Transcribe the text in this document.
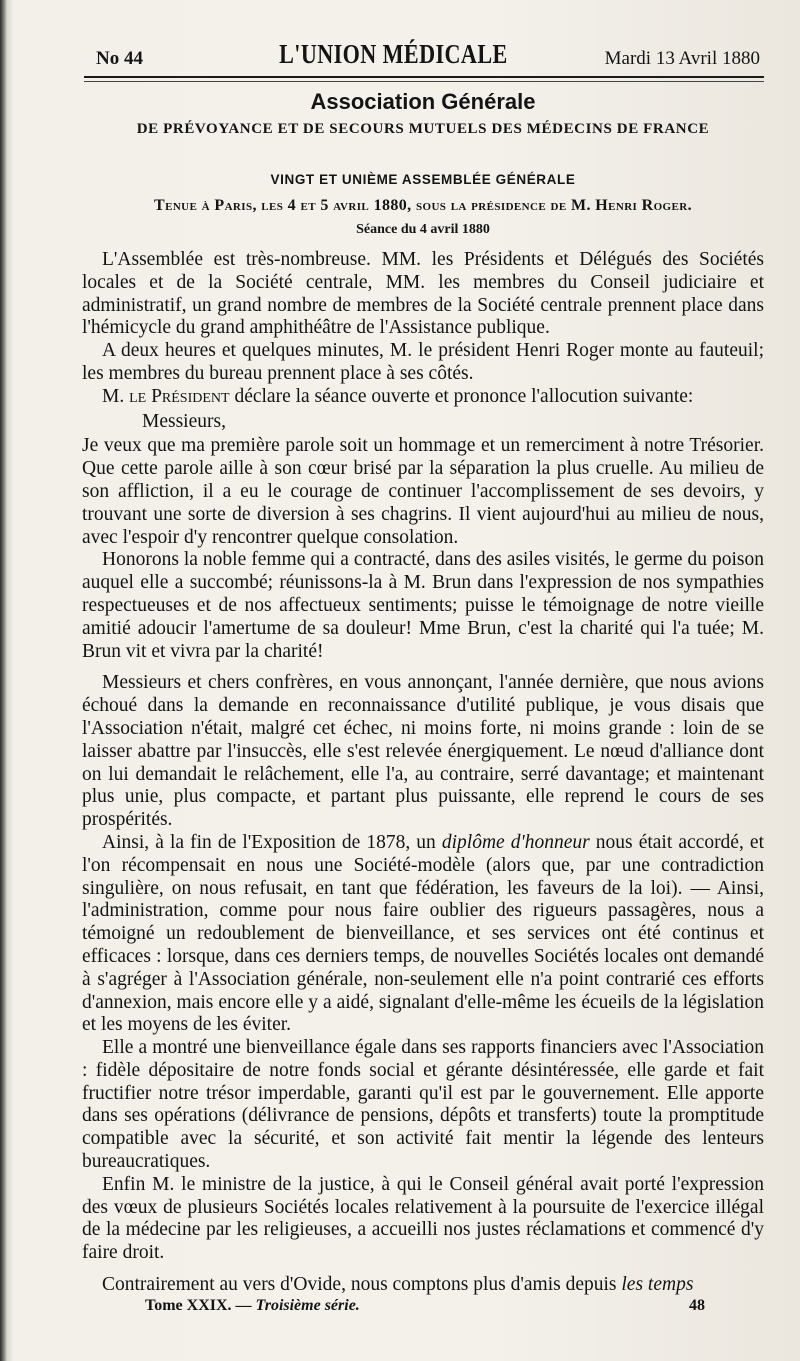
No 44	L'UNION MÉDICALE	Mardi 13 Avril 1880
Association Générale
DE PRÉVOYANCE ET DE SECOURS MUTUELS DES MÉDECINS DE FRANCE
VINGT ET UNIÈME ASSEMBLÉE GÉNÉRALE
Tenue à Paris, les 4 et 5 avril 1880, sous la présidence de M. Henri Roger.
Séance du 4 avril 1880

L'Assemblée est très-nombreuse. MM. les Présidents et Délégués des Sociétés locales et de la Société centrale, MM. les membres du Conseil judiciaire et administratif, un grand nombre de membres de la Société centrale prennent place dans l'hémicycle du grand amphithéâtre de l'Assistance publique.

A deux heures et quelques minutes, M. le président Henri Roger monte au fauteuil; les membres du bureau prennent place à ses côtés.

M. le Président déclare la séance ouverte et prononce l'allocution suivante:

Messieurs,

Je veux que ma première parole soit un hommage et un remerciment à notre Trésorier. Que cette parole aille à son cœur brisé par la séparation la plus cruelle. Au milieu de son affliction, il a eu le courage de continuer l'accomplissement de ses devoirs, y trouvant une sorte de diversion à ses chagrins. Il vient aujourd'hui au milieu de nous, avec l'espoir d'y rencontrer quelque consolation.

Honorons la noble femme qui a contracté, dans des asiles visités, le germe du poison auquel elle a succombé; réunissons-la à M. Brun dans l'expression de nos sympathies respectueuses et de nos affectueux sentiments; puisse le témoignage de notre vieille amitié adoucir l'amertume de sa douleur! Mme Brun, c'est la charité qui l'a tuée; M. Brun vit et vivra par la charité!

Messieurs et chers confrères, en vous annonçant, l'année dernière, que nous avions échoué dans la demande en reconnaissance d'utilité publique, je vous disais que l'Association n'était, malgré cet échec, ni moins forte, ni moins grande : loin de se laisser abattre par l'insuccès, elle s'est relevée énergiquement. Le nœud d'alliance dont on lui demandait le relâchement, elle l'a, au contraire, serré davantage; et maintenant plus unie, plus compacte, et partant plus puissante, elle reprend le cours de ses prospérités.

Ainsi, à la fin de l'Exposition de 1878, un diplôme d'honneur nous était accordé, et l'on récompensait en nous une Société-modèle (alors que, par une contradiction singulière, on nous refusait, en tant que fédération, les faveurs de la loi). — Ainsi, l'administration, comme pour nous faire oublier des rigueurs passagères, nous a témoigné un redoublement de bienveillance, et ses services ont été continus et efficaces : lorsque, dans ces derniers temps, de nouvelles Sociétés locales ont demandé à s'agréger à l'Association générale, non-seulement elle n'a point contrarié ces efforts d'annexion, mais encore elle y a aidé, signalant d'elle-même les écueils de la législation et les moyens de les éviter.

Elle a montré une bienveillance égale dans ses rapports financiers avec l'Association : fidèle dépositaire de notre fonds social et gérante désintéressée, elle garde et fait fructifier notre trésor imperdable, garanti qu'il est par le gouvernement. Elle apporte dans ses opérations (délivrance de pensions, dépôts et transferts) toute la promptitude compatible avec la sécurité, et son activité fait mentir la légende des lenteurs bureaucratiques.

Enfin M. le ministre de la justice, à qui le Conseil général avait porté l'expression des vœux de plusieurs Sociétés locales relativement à la poursuite de l'exercice illégal de la médecine par les religieuses, a accueilli nos justes réclamations et commencé d'y faire droit.

Contrairement au vers d'Ovide, nous comptons plus d'amis depuis les temps

Tome XXIX. — Troisième série.	48
